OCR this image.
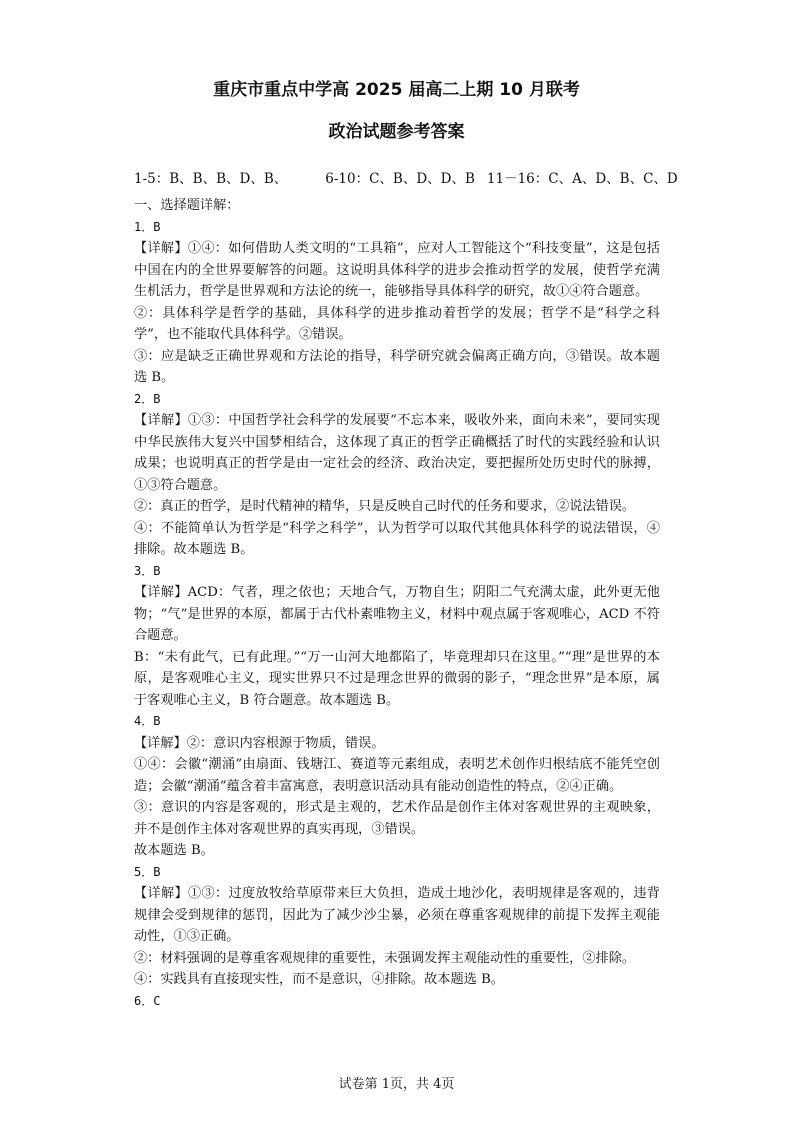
重庆市重点中学高 2025 届高二上期 10 月联考
政治试题参考答案
1-5：B、B、B、D、B、	6-10：C、B、D、D、B 11－16：C、A、D、B、C、D

一、选择题详解：

1．B

【详解】①④：如何借助人类文明的“工具箱”，应对人工智能这个“科技变量”，这是包括中国在内的全世界要解答的问题。这说明具体科学的进步会推动哲学的发展，使哲学充满生机活力，哲学是世界观和方法论的统一，能够指导具体科学的研究，故①④符合题意。

②：具体科学是哲学的基础，具体科学的进步推动着哲学的发展；哲学不是“科学之科学”，也不能取代具体科学。②错误。

③：应是缺乏正确世界观和方法论的指导，科学研究就会偏离正确方向，③错误。故本题选 B。

2．B

【详解】①③：中国哲学社会科学的发展要“不忘本来，吸收外来，面向未来”，要同实现中华民族伟大复兴中国梦相结合，这体现了真正的哲学正确概括了时代的实践经验和认识成果；也说明真正的哲学是由一定社会的经济、政治决定，要把握所处历史时代的脉搏，①③符合题意。

②：真正的哲学，是时代精神的精华，只是反映自己时代的任务和要求，②说法错误。

④：不能简单认为哲学是“科学之科学”，认为哲学可以取代其他具体科学的说法错误，④排除。故本题选 B。

3．B

【详解】ACD：气者，理之依也；天地合气，万物自生；阴阳二气充满太虚，此外更无他物；“气”是世界的本原，都属于古代朴素唯物主义，材料中观点属于客观唯心，ACD 不符合题意。

B：“未有此气，已有此理。”“万一山河大地都陷了，毕竟理却只在这里。”“理”是世界的本原，是客观唯心主义，现实世界只不过是理念世界的微弱的影子，“理念世界”是本原，属于客观唯心主义，B 符合题意。故本题选 B。

4．B

【详解】②：意识内容根源于物质，错误。

①④：会徽“潮涌”由扇面、钱塘江、赛道等元素组成，表明艺术创作归根结底不能凭空创造；会徽“潮涌”蕴含着丰富寓意，表明意识活动具有能动创造性的特点，②④正确。

③：意识的内容是客观的，形式是主观的，艺术作品是创作主体对客观世界的主观映象，并不是创作主体对客观世界的真实再现，③错误。

故本题选 B。

5．B

【详解】①③：过度放牧给草原带来巨大负担，造成土地沙化，表明规律是客观的，违背规律会受到规律的惩罚，因此为了减少沙尘暴，必须在尊重客观规律的前提下发挥主观能动性，①③正确。

②：材料强调的是尊重客观规律的重要性，未强调发挥主观能动性的重要性，②排除。

④：实践具有直接现实性，而不是意识，④排除。故本题选 B。

6．C

试卷第 1页，共 4页
